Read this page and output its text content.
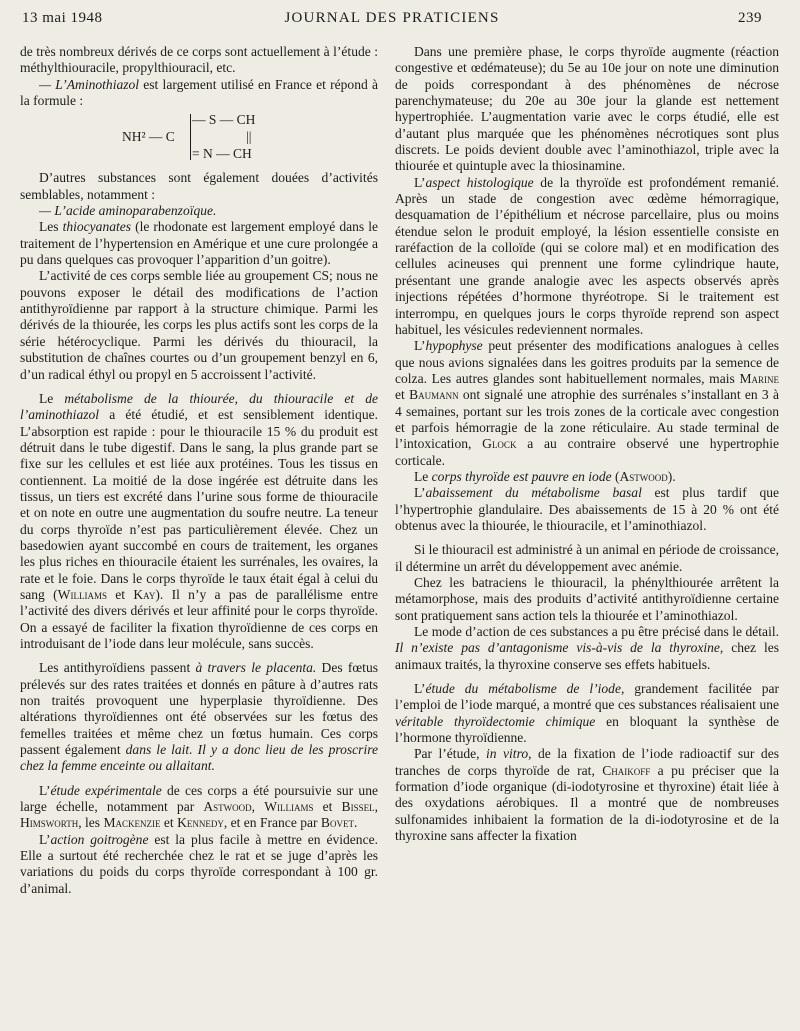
13 mai 1948	JOURNAL DES PRATICIENS	239

de très nombreux dérivés de ce corps sont actuellement à l’étude : méthylthiouracile, propylthiouracil, etc.

— L’Aminothiazol est largement utilisé en France et répond à la formule :

NH² — C
— S — CH
||
= N — CH

D’autres substances sont également douées d’activités semblables, notamment :

— L’acide aminoparabenzoïque.

Les thiocyanates (le rhodonate est largement employé dans le traitement de l’hypertension en Amérique et une cure prolongée a pu dans quelques cas provoquer l’apparition d’un goitre).

L’activité de ces corps semble liée au groupement CS; nous ne pouvons exposer le détail des modifications de l’action antithyroïdienne par rapport à la structure chimique. Parmi les dérivés de la thiourée, les corps les plus actifs sont les corps de la série hétérocyclique. Parmi les dérivés du thiouracil, la substitution de chaînes courtes ou d’un groupement benzyl en 6, d’un radical éthyl ou propyl en 5 accroissent l’activité.

Le métabolisme de la thiourée, du thiouracile et de l’aminothiazol a été étudié, et est sensiblement identique. L’absorption est rapide : pour le thiouracile 15 % du produit est détruit dans le tube digestif. Dans le sang, la plus grande part se fixe sur les cellules et est liée aux protéines. Tous les tissus en contiennent. La moitié de la dose ingérée est détruite dans les tissus, un tiers est excrété dans l’urine sous forme de thiouracile et on note en outre une augmentation du soufre neutre. La teneur du corps thyroïde n’est pas particulièrement élevée. Chez un basedowien ayant succombé en cours de traitement, les organes les plus riches en thiouracile étaient les surrénales, les ovaires, la rate et le foie. Dans le corps thyroïde le taux était égal à celui du sang (Williams et Kay). Il n’y a pas de parallélisme entre l’activité des divers dérivés et leur affinité pour le corps thyroïde. On a essayé de faciliter la fixation thyroïdienne de ces corps en introduisant de l’iode dans leur molécule, sans succès.

Les antithyroïdiens passent à travers le placenta. Des fœtus prélevés sur des rates traitées et donnés en pâture à d’autres rats non traités provoquent une hyperplasie thyroïdienne. Des altérations thyroïdiennes ont été observées sur les fœtus des femelles traitées et même chez un fœtus humain. Ces corps passent également dans le lait. Il y a donc lieu de les proscrire chez la femme enceinte ou allaitant.

L’étude expérimentale de ces corps a été poursuivie sur une large échelle, notamment par Astwood, Williams et Bissel, Himsworth, les Mackenzie et Kennedy, et en France par Bovet.

L’action goitrogène est la plus facile à mettre en évidence. Elle a surtout été recherchée chez le rat et se juge d’après les variations du poids du corps thyroïde correspondant à 100 gr. d’animal.

Dans une première phase, le corps thyroïde augmente (réaction congestive et œdémateuse); du 5e au 10e jour on note une diminution de poids correspondant à des phénomènes de nécrose parenchymateuse; du 20e au 30e jour la glande est nettement hypertrophiée. L’augmentation varie avec le corps étudié, elle est d’autant plus marquée que les phénomènes nécrotiques sont plus discrets. Le poids devient double avec l’aminothiazol, triple avec la thiourée et quintuple avec la thiosinamine.

L’aspect histologique de la thyroïde est profondément remanié. Après un stade de congestion avec œdème hémorragique, desquamation de l’épithélium et nécrose parcellaire, plus ou moins étendue selon le produit employé, la lésion essentielle consiste en raréfaction de la colloïde (qui se colore mal) et en modification des cellules acineuses qui prennent une forme cylindrique haute, présentant une grande analogie avec les aspects observés après injections répétées d’hormone thyréotrope. Si le traitement est interrompu, en quelques jours le corps thyroïde reprend son aspect habituel, les vésicules redeviennent normales.

L’hypophyse peut présenter des modifications analogues à celles que nous avions signalées dans les goitres produits par la semence de colza. Les autres glandes sont habituellement normales, mais Marine et Baumann ont signalé une atrophie des surrénales s’installant en 3 à 4 semaines, portant sur les trois zones de la corticale avec congestion et parfois hémorragie de la zone réticulaire. Au stade terminal de l’intoxication, Glock a au contraire observé une hypertrophie corticale.

Le corps thyroïde est pauvre en iode (Astwood).

L’abaissement du métabolisme basal est plus tardif que l’hypertrophie glandulaire. Des abaissements de 15 à 20 % ont été obtenus avec la thiourée, le thiouracile, et l’aminothiazol.

Si le thiouracil est administré à un animal en période de croissance, il détermine un arrêt du développement avec anémie.

Chez les batraciens le thiouracil, la phénylthiourée arrêtent la métamorphose, mais des produits d’activité antithyroïdienne certaine sont pratiquement sans action tels la thiourée et l’aminothiazol.

Le mode d’action de ces substances a pu être précisé dans le détail. Il n’existe pas d’antagonisme vis-à-vis de la thyroxine, chez les animaux traités, la thyroxine conserve ses effets habituels.

L’étude du métabolisme de l’iode, grandement facilitée par l’emploi de l’iode marqué, a montré que ces substances réalisaient une véritable thyroïdectomie chimique en bloquant la synthèse de l’hormone thyroïdienne.

Par l’étude, in vitro, de la fixation de l’iode radioactif sur des tranches de corps thyroïde de rat, Chaikoff a pu préciser que la formation d’iode organique (di-iodotyrosine et thyroxine) était liée à des oxydations aérobiques. Il a montré que de nombreuses sulfonamides inhibaient la formation de la di-iodotyrosine et de la thyroxine sans affecter la fixation
